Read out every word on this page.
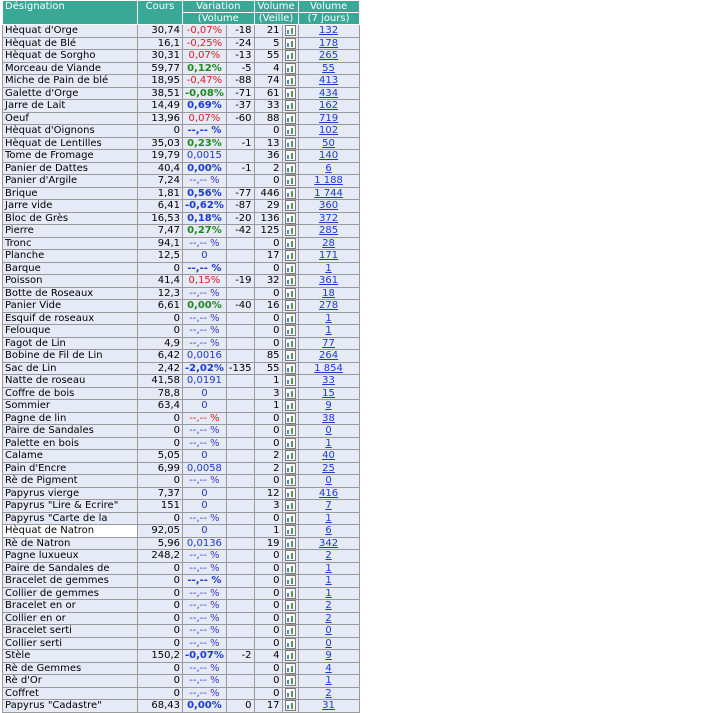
Désignation	Cours	Variation		Volume		Volume
		(Volume		(Veille)		(7 jours)
Hèquat d'Orge	30,74	-0,07%	-18	21		132
Hèquat de Blé	16,1	-0,25%	-24	5		178
Hèquat de Sorgho	30,31	0,07%	-13	55		265
Morceau de Viande	59,77	0,12%	-5	4		55
Miche de Pain de blé	18,95	-0,47%	-88	74		413
Galette d'Orge	38,51	-0,08%	-71	61		434
Jarre de Lait	14,49	0,69%	-37	33		162
Oeuf	13,96	0,07%	-60	88		719
Hèquat d'Oignons	0	--,-- %		0		102
Hèquat de Lentilles	35,03	0,23%	-1	13		50
Tome de Fromage	19,79	0,0015		36		140
Panier de Dattes	40,4	0,00%	-1	2		6
Panier d'Argile	7,24	--,-- %		0		1 188
Brique	1,81	0,56%	-77	446		1 744
Jarre vide	6,41	-0,62%	-87	29		360
Bloc de Grès	16,53	0,18%	-20	136		372
Pierre	7,47	0,27%	-42	125		285
Tronc	94,1	--,-- %		0		28
Planche	12,5	0		17		171
Barque	0	--,-- %		0		1
Poisson	41,4	0,15%	-19	32		361
Botte de Roseaux	12,3	--,-- %		0		18
Panier Vide	6,61	0,00%	-40	16		278
Esquif de roseaux	0	--,-- %		0		1
Felouque	0	--,-- %		0		1
Fagot de Lin	4,9	--,-- %		0		77
Bobine de Fil de Lin	6,42	0,0016		85		264
Sac de Lin	2,42	-2,02%	-135	55		1 854
Natte de roseau	41,58	0,0191		1		33
Coffre de bois	78,8	0		3		15
Sommier	63,4	0		1		9
Pagne de lin	0	--,-- %		0		38
Paire de Sandales	0	--,-- %		0		0
Palette en bois	0	--,-- %		0		1
Calame	5,05	0		2		40
Pain d'Encre	6,99	0,0058		2		25
Rè de Pigment	0	--,-- %		0		0
Papyrus vierge	7,37	0		12		416
Papyrus "Lire & Ecrire"	151	0		3		7
Papyrus "Carte de la	0	--,-- %		0		1
Hèquat de Natron	92,05	0		1		6
Rè de Natron	5,96	0,0136		19		342
Pagne luxueux	248,2	--,-- %		0		2
Paire de Sandales de	0	--,-- %		0		1
Bracelet de gemmes	0	--,-- %		0		1
Collier de gemmes	0	--,-- %		0		1
Bracelet en or	0	--,-- %		0		2
Collier en or	0	--,-- %		0		2
Bracelet serti	0	--,-- %		0		0
Collier serti	0	--,-- %		0		0
Stèle	150,2	-0,07%	-2	4		9
Rè de Gemmes	0	--,-- %		0		4
Rè d'Or	0	--,-- %		0		1
Coffret	0	--,-- %		0		2
Papyrus "Cadastre"	68,43	0,00%	0	17		31
